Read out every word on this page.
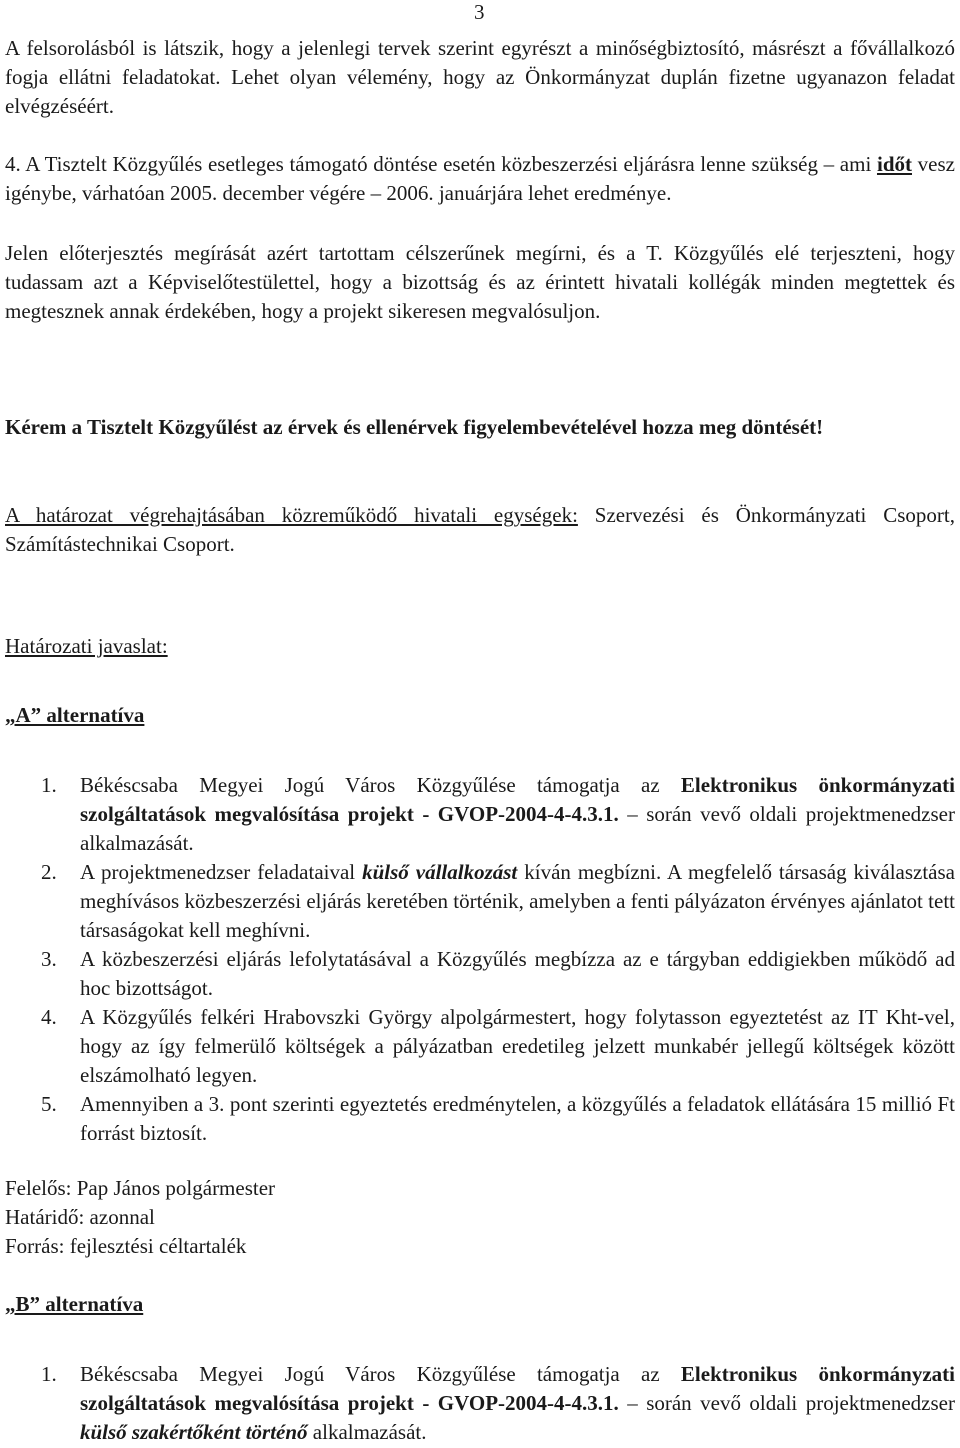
3

A felsorolásból is látszik, hogy a jelenlegi tervek szerint egyrészt a minőségbiztosító, másrészt a fővállalkozó fogja ellátni feladatokat. Lehet olyan vélemény, hogy az Önkormányzat duplán fizetne ugyanazon feladat elvégzéséért.

4. A Tisztelt Közgyűlés esetleges támogató döntése esetén közbeszerzési eljárásra lenne szükség – ami időt vesz igénybe, várhatóan 2005. december végére – 2006. januárjára lehet eredménye.

Jelen előterjesztés megírását azért tartottam célszerűnek megírni, és a T. Közgyűlés elé terjeszteni, hogy tudassam azt a Képviselőtestülettel, hogy a bizottság és az érintett hivatali kollégák minden megtettek és megtesznek annak érdekében, hogy a projekt sikeresen megvalósuljon.

Kérem a Tisztelt Közgyűlést az érvek és ellenérvek figyelembevételével hozza meg döntését!

A határozat végrehajtásában közreműködő hivatali egységek: Szervezési és Önkormányzati Csoport, Számítástechnikai Csoport.

Határozati javaslat:
„A” alternatíva
1. Békéscsaba Megyei Jogú Város Közgyűlése támogatja az Elektronikus önkormányzati szolgáltatások megvalósítása projekt - GVOP-2004-4-4.3.1. – során vevő oldali projektmenedzser alkalmazását.
2. A projektmenedzser feladataival külső vállalkozást kíván megbízni. A megfelelő társaság kiválasztása meghívásos közbeszerzési eljárás keretében történik, amelyben a fenti pályázaton érvényes ajánlatot tett társaságokat kell meghívni.
3. A közbeszerzési eljárás lefolytatásával a Közgyűlés megbízza az e tárgyban eddigiekben működő ad hoc bizottságot.
4. A Közgyűlés felkéri Hrabovszki György alpolgármestert, hogy folytasson egyeztetést az IT Kht-vel, hogy az így felmerülő költségek a pályázatban eredetileg jelzett munkabér jellegű költségek között elszámolható legyen.
5. Amennyiben a 3. pont szerinti egyeztetés eredménytelen, a közgyűlés a feladatok ellátására 15 millió Ft forrást biztosít.
Felelős: Pap János polgármester
Határidő: azonnal
Forrás: fejlesztési céltartalék
„B” alternatíva
1. Békéscsaba Megyei Jogú Város Közgyűlése támogatja az Elektronikus önkormányzati szolgáltatások megvalósítása projekt - GVOP-2004-4-4.3.1. – során vevő oldali projektmenedzser külső szakértőként történő alkalmazását.
